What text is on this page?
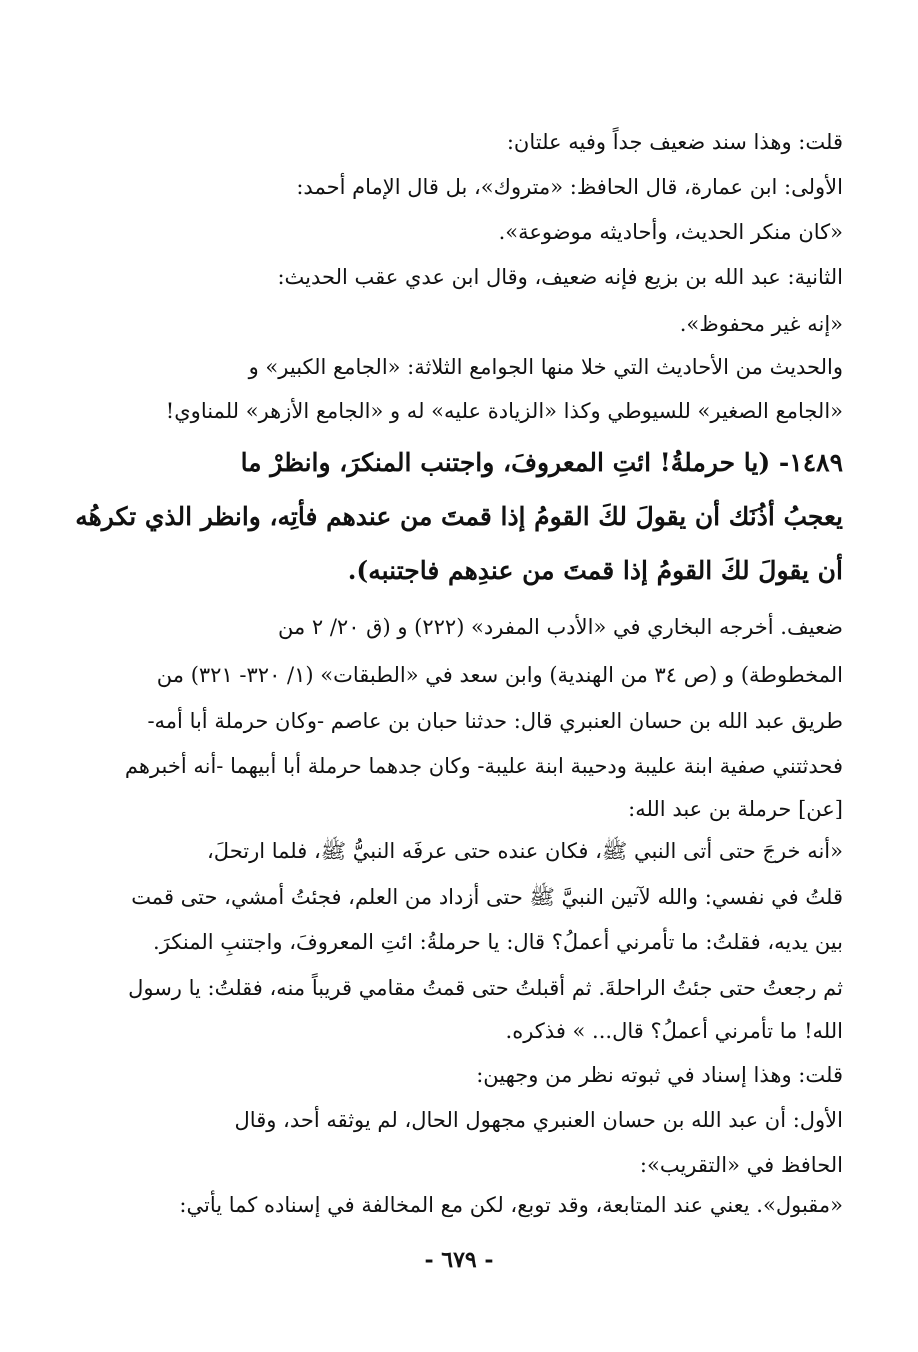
قلت: وهذا سند ضعيف جداً وفيه علتان:
الأولى: ابن عمارة، قال الحافظ: «متروك»، بل قال الإمام أحمد:
«كان منكر الحديث، وأحاديثه موضوعة».
الثانية: عبد الله بن بزيع فإنه ضعيف، وقال ابن عدي عقب الحديث:
«إنه غير محفوظ».
والحديث من الأحاديث التي خلا منها الجوامع الثلاثة: «الجامع الكبير» و
«الجامع الصغير» للسيوطي وكذا «الزيادة عليه» له و «الجامع الأزهر» للمناوي!
١٤٨٩- (يا حرملةُ! ائتِ المعروفَ، واجتنب المنكرَ، وانظرْ ما
يعجبُ أذُنَك أن يقولَ لكَ القومُ إذا قمتَ من عندهم فأتِه، وانظر الذي تكرهُه
أن يقولَ لكَ القومُ إذا قمتَ من عندِهم فاجتنبه).
ضعيف. أخرجه البخاري في «الأدب المفرد» (٢٢٢) و (ق ٢٠/ ٢ من
المخطوطة) و (ص ٣٤ من الهندية) وابن سعد في «الطبقات» (١/ ٣٢٠- ٣٢١) من
طريق عبد الله بن حسان العنبري قال: حدثنا حبان بن عاصم -وكان حرملة أبا أمه-
فحدثتني صفية ابنة عليبة ودحيبة ابنة عليبة- وكان جدهما حرملة أبا أبيهما -أنه أخبرهم
[عن] حرملة بن عبد الله:
«أنه خرجَ حتى أتى النبي ﷺ، فكان عنده حتى عرفَه النبيُّ ﷺ، فلما ارتحلَ،
قلتُ في نفسي: والله لآتين النبيَّ ﷺ حتى أزداد من العلم، فجئتُ أمشي، حتى قمت
بين يديه، فقلتُ: ما تأمرني أعملُ؟ قال: يا حرملةُ: ائتِ المعروفَ، واجتنبِ المنكرَ.
ثم رجعتُ حتى جئتُ الراحلةَ. ثم أقبلتُ حتى قمتُ مقامي قريباً منه، فقلتُ: يا رسول
الله! ما تأمرني أعملُ؟ قال... » فذكره.
قلت: وهذا إسناد في ثبوته نظر من وجهين:
الأول: أن عبد الله بن حسان العنبري مجهول الحال، لم يوثقه أحد، وقال
الحافظ في «التقريب»:
«مقبول». يعني عند المتابعة، وقد توبع، لكن مع المخالفة في إسناده كما يأتي:
- ٦٧٩ -
